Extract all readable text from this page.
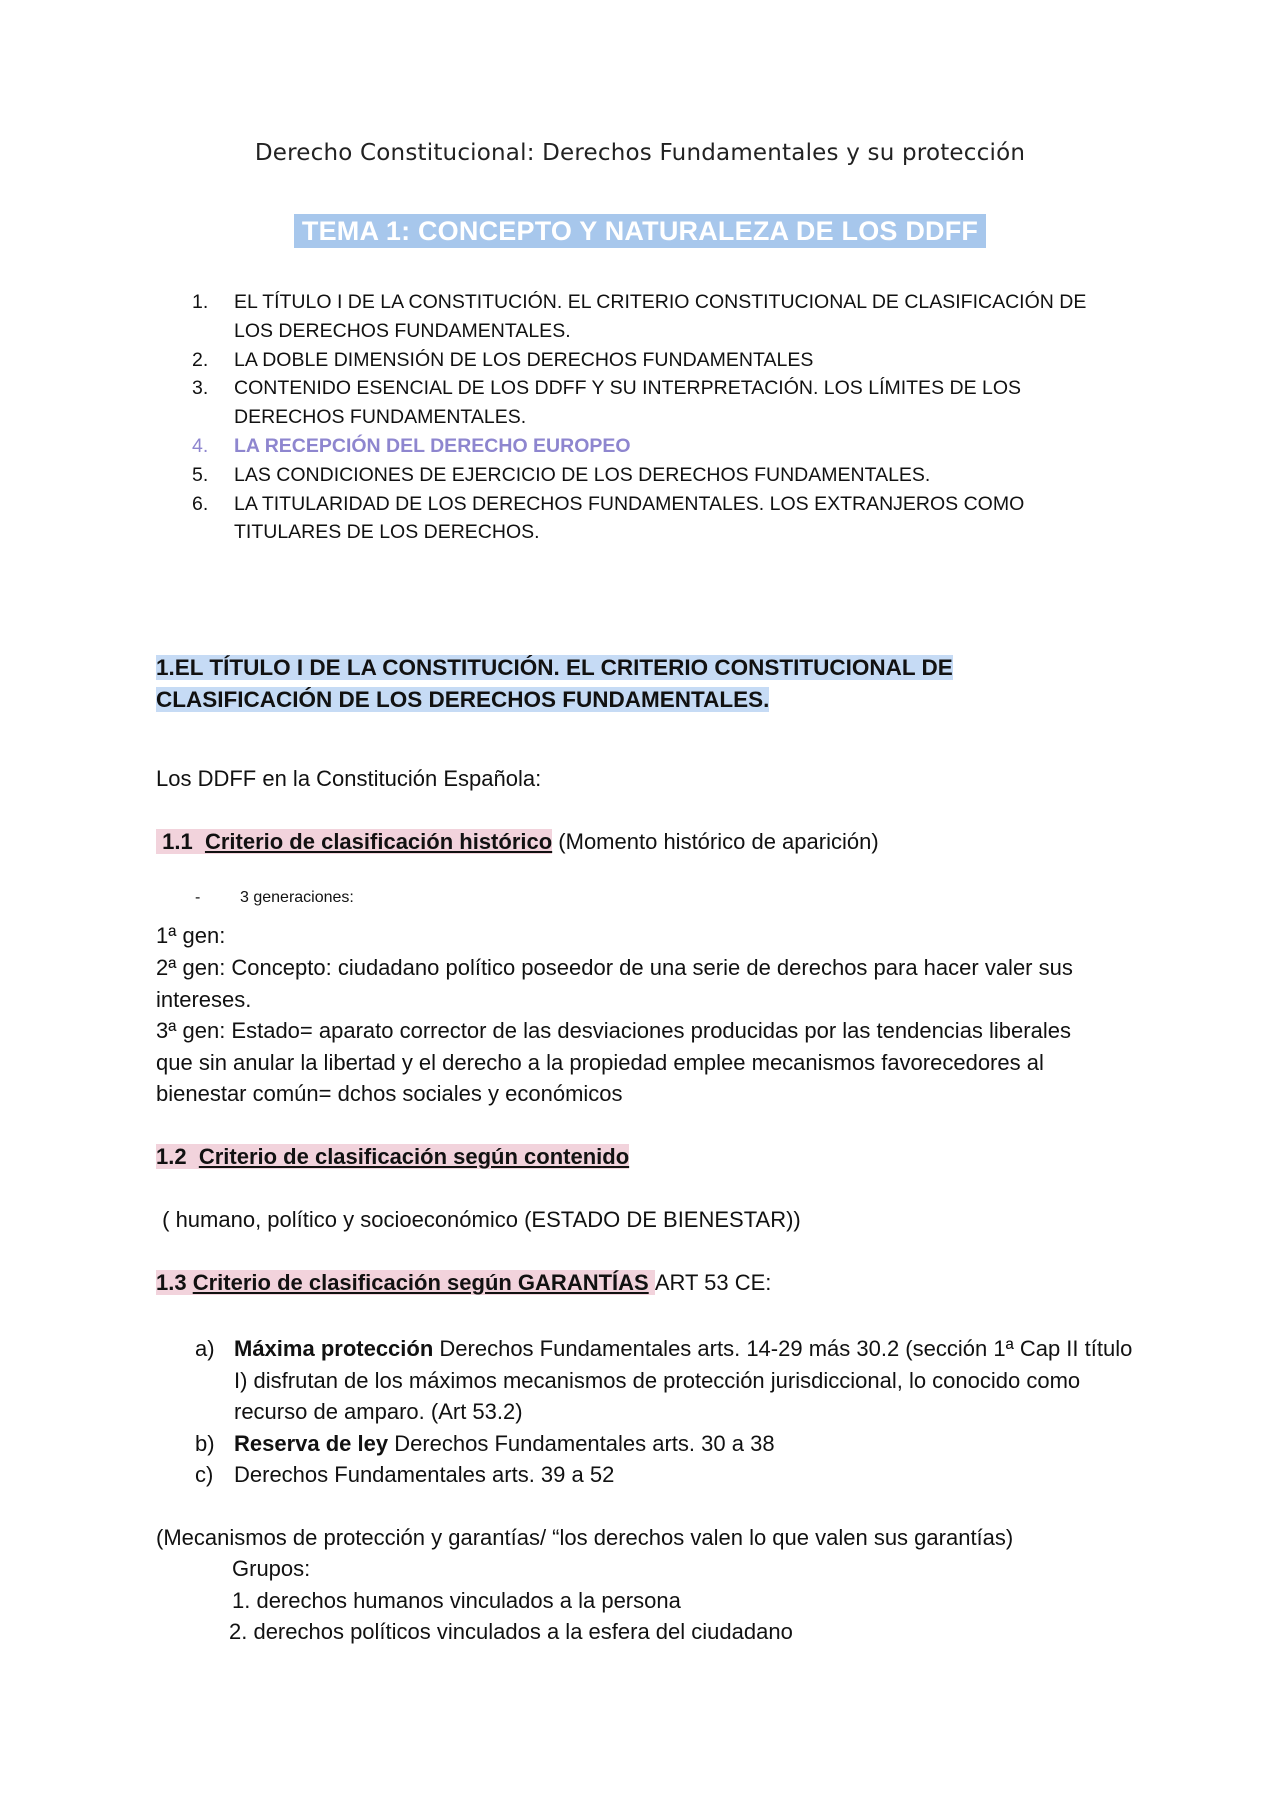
Derecho Constitucional: Derechos Fundamentales y su protección
TEMA 1: CONCEPTO Y NATURALEZA DE LOS DDFF
1. EL TÍTULO I DE LA CONSTITUCIÓN. EL CRITERIO CONSTITUCIONAL DE CLASIFICACIÓN DE LOS DERECHOS FUNDAMENTALES.
2. LA DOBLE DIMENSIÓN DE LOS DERECHOS FUNDAMENTALES
3. CONTENIDO ESENCIAL DE LOS DDFF Y SU INTERPRETACIÓN. LOS LÍMITES DE LOS DERECHOS FUNDAMENTALES.
4. LA RECEPCIÓN DEL DERECHO EUROPEO
5. LAS CONDICIONES DE EJERCICIO DE LOS DERECHOS FUNDAMENTALES.
6. LA TITULARIDAD DE LOS DERECHOS FUNDAMENTALES. LOS EXTRANJEROS COMO TITULARES DE LOS DERECHOS.
1.EL TÍTULO I DE LA CONSTITUCIÓN. EL CRITERIO CONSTITUCIONAL DE
CLASIFICACIÓN DE LOS DERECHOS FUNDAMENTALES.
Los DDFF en la Constitución Española:
1.1 Criterio de clasificación histórico (Momento histórico de aparición)
- 3 generaciones:
1ª gen:
2ª gen: Concepto: ciudadano político poseedor de una serie de derechos para hacer valer sus intereses.
3ª gen: Estado= aparato corrector de las desviaciones producidas por las tendencias liberales que sin anular la libertad y el derecho a la propiedad emplee mecanismos favorecedores al bienestar común= dchos sociales y económicos
1.2 Criterio de clasificación según contenido
( humano, político y socioeconómico (ESTADO DE BIENESTAR))
1.3 Criterio de clasificación según GARANTÍAS ART 53 CE:
a) Máxima protección Derechos Fundamentales arts. 14-29 más 30.2 (sección 1ª Cap II título I) disfrutan de los máximos mecanismos de protección jurisdiccional, lo conocido como recurso de amparo. (Art 53.2)
b) Reserva de ley Derechos Fundamentales arts. 30 a 38
c) Derechos Fundamentales arts. 39 a 52
(Mecanismos de protección y garantías/ “los derechos valen lo que valen sus garantías)
Grupos:
1. derechos humanos vinculados a la persona
2. derechos políticos vinculados a la esfera del ciudadano
